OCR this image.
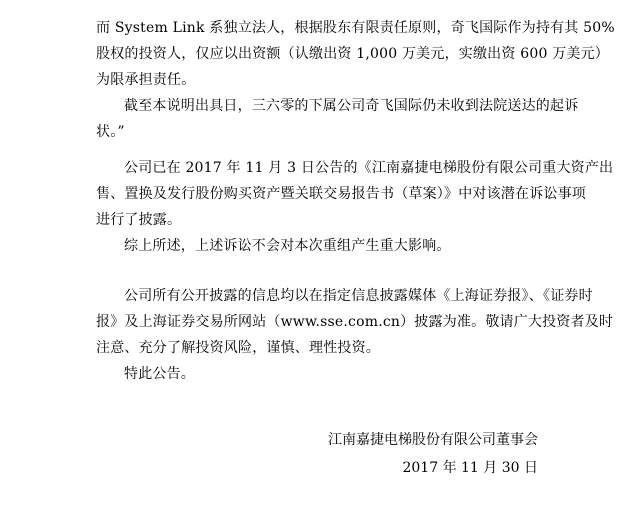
而 System Link 系独立法人，根据股东有限责任原则，奇飞国际作为持有其 50%
股权的投资人，仅应以出资额（认缴出资 1,000 万美元，实缴出资 600 万美元）
为限承担责任。
截至本说明出具日，三六零的下属公司奇飞国际仍未收到法院送达的起诉
状。”
公司已在 2017 年 11 月 3 日公告的《江南嘉捷电梯股份有限公司重大资产出
售、置换及发行股份购买资产暨关联交易报告书（草案）》中对该潜在诉讼事项
进行了披露。
综上所述，上述诉讼不会对本次重组产生重大影响。
公司所有公开披露的信息均以在指定信息披露媒体《上海证券报》、《证券时
报》及上海证券交易所网站（www.sse.com.cn）披露为准。敬请广大投资者及时
注意、充分了解投资风险，谨慎、理性投资。
特此公告。
江南嘉捷电梯股份有限公司董事会
2017 年 11 月 30 日
